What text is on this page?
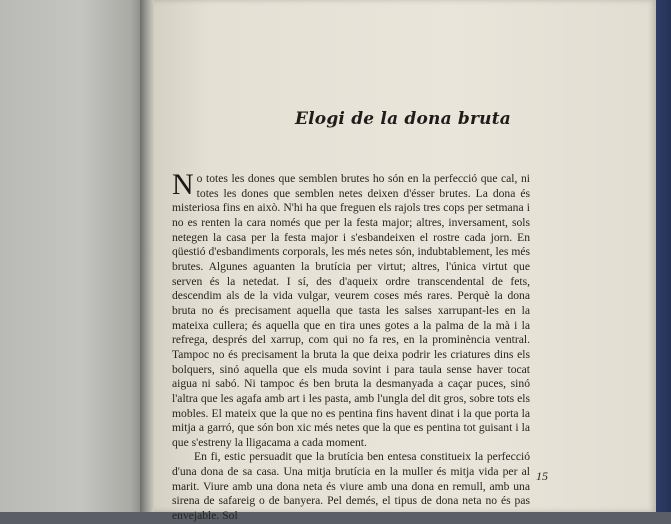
Elogi de la dona bruta

No totes les dones que semblen brutes ho són en la perfecció que cal, ni totes les dones que semblen netes deixen d'ésser brutes. La dona és misteriosa fins en això. N'hi ha que freguen els rajols tres cops per setmana i no es renten la cara només que per la festa major; altres, inversament, sols netegen la casa per la festa major i s'esbandeixen el rostre cada jorn. En qüestió d'esbandiments corporals, les més netes són, indubtablement, les més brutes. Algunes aguanten la brutícia per virtut; altres, l'única virtut que serven és la netedat. I sí, des d'aqueix ordre transcendental de fets, descendim als de la vida vulgar, veurem coses més rares. Perquè la dona bruta no és precisament aquella que tasta les salses xarrupant-les en la mateixa cullera; és aquella que en tira unes gotes a la palma de la mà i la refrega, després del xarrup, com qui no fa res, en la prominència ventral. Tampoc no és precisament la bruta la que deixa podrir les criatures dins els bolquers, sinó aquella que els muda sovint i para taula sense haver tocat aigua ni sabó. Ni tampoc és ben bruta la desmanyada a caçar puces, sinó l'altra que les agafa amb art i les pasta, amb l'ungla del dit gros, sobre tots els mobles. El mateix que la que no es pentina fins havent dinat i la que porta la mitja a garró, que són bon xic més netes que la que es pentina tot guisant i la que s'estreny la lligacama a cada moment.

En fi, estic persuadit que la brutícia ben entesa constitueix la perfecció d'una dona de sa casa. Una mitja brutícia en la muller és mitja vida per al marit. Viure amb una dona neta és viure amb una dona en remull, amb una sirena de safareig o de banyera. Pel demés, el tipus de dona neta no és pas envejable. Sol

15
